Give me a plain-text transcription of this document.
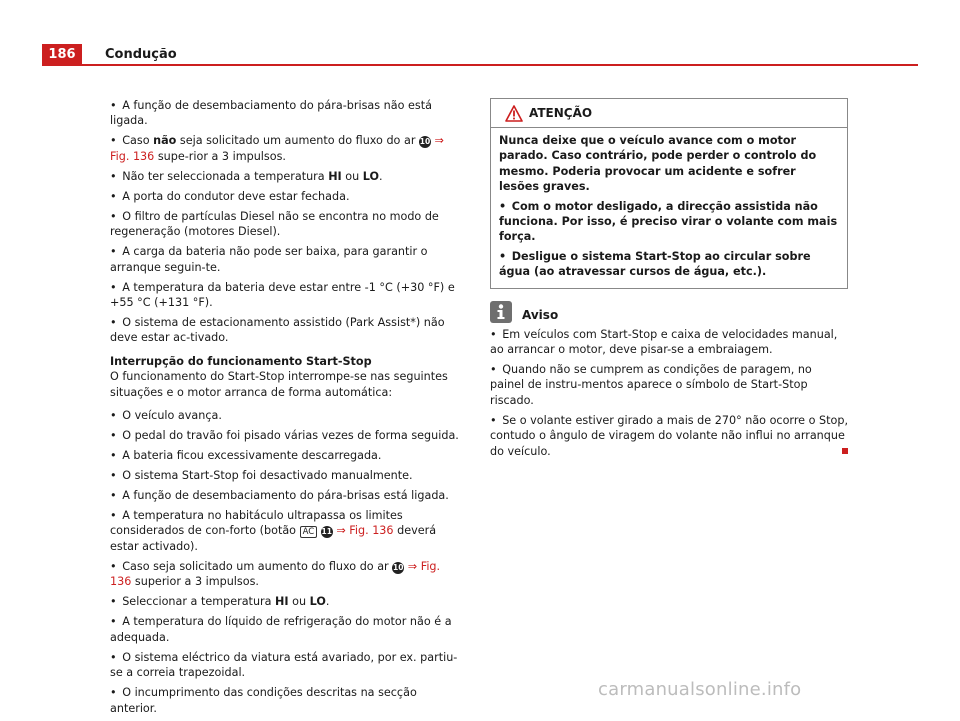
186	Condução

• A função de desembaciamento do pára-brisas não está ligada.

• Caso não seja solicitado um aumento do fluxo do ar 10 ⇒ Fig. 136 supe-rior a 3 impulsos.

• Não ter seleccionada a temperatura HI ou LO.

• A porta do condutor deve estar fechada.

• O filtro de partículas Diesel não se encontra no modo de regeneração (motores Diesel).

• A carga da bateria não pode ser baixa, para garantir o arranque seguin-te.

• A temperatura da bateria deve estar entre -1 °C (+30 °F) e +55 °C (+131 °F).

• O sistema de estacionamento assistido (Park Assist*) não deve estar ac-tivado.

Interrupção do funcionamento Start-Stop

O funcionamento do Start-Stop interrompe-se nas seguintes situações e o motor arranca de forma automática:

• O veículo avança.

• O pedal do travão foi pisado várias vezes de forma seguida.

• A bateria ficou excessivamente descarregada.

• O sistema Start-Stop foi desactivado manualmente.

• A função de desembaciamento do pára-brisas está ligada.

• A temperatura no habitáculo ultrapassa os limites considerados de con-forto (botão AC 11 ⇒ Fig. 136 deverá estar activado).

• Caso seja solicitado um aumento do fluxo do ar 10 ⇒ Fig. 136 superior a 3 impulsos.

• Seleccionar a temperatura HI ou LO.

• A temperatura do líquido de refrigeração do motor não é a adequada.

• O sistema eléctrico da viatura está avariado, por ex. partiu-se a correia trapezoidal.

• O incumprimento das condições descritas na secção anterior.

ATENÇÃO

Nunca deixe que o veículo avance com o motor parado. Caso contrário, pode perder o controlo do mesmo. Poderia provocar um acidente e sofrer lesões graves.

• Com o motor desligado, a direcção assistida não funciona. Por isso, é preciso virar o volante com mais força.

• Desligue o sistema Start-Stop ao circular sobre água (ao atravessar cursos de água, etc.).

Aviso

• Em veículos com Start-Stop e caixa de velocidades manual, ao arrancar o motor, deve pisar-se a embraiagem.

• Quando não se cumprem as condições de paragem, no painel de instru-mentos aparece o símbolo de Start-Stop riscado.

• Se o volante estiver girado a mais de 270° não ocorre o Stop, contudo o ângulo de viragem do volante não influi no arranque do veículo.

carmanualsonline.info
